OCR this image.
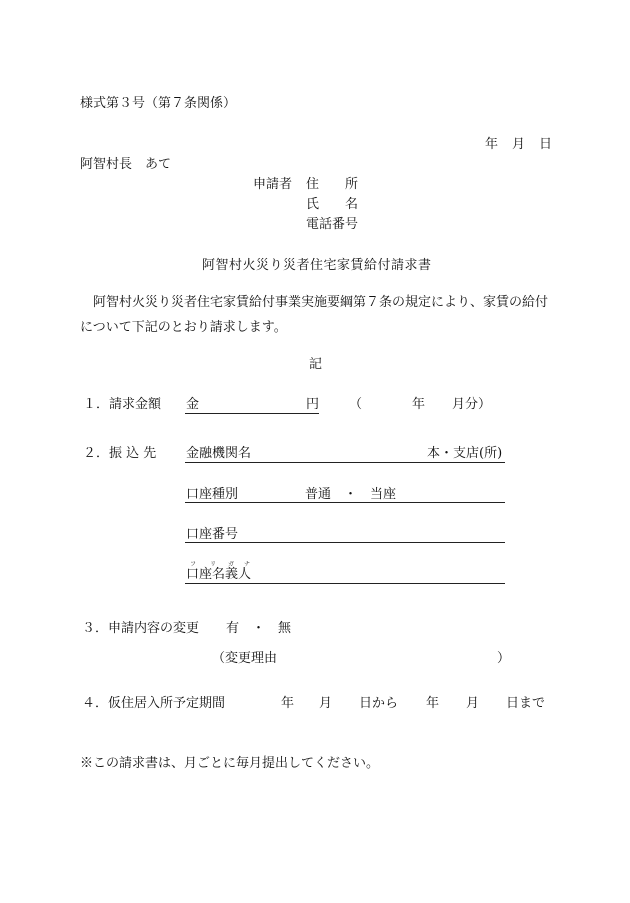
様式第３号（第７条関係）
年 月 日
阿智村長　あて
申請者 住　　所
氏　　名
電話番号
阿智村火災り災者住宅家賃給付請求書
阿智村火災り災者住宅家賃給付事業実施要綱第７条の規定により、家賃の給付について下記のとおり請求します。
記
１．請求金額 金	円 （	年 月分）
２．振 込 先 金融機関名	本・支店(所)
口座種別	普通　・　当座
口座番号
フ リ ガ ナ
口座名義人
３．申請内容の変更 有　・　無
（変更理由	）
４．仮住居入所予定期間	年 月 日から 年 月 日まで
※この請求書は、月ごとに毎月提出してください。
